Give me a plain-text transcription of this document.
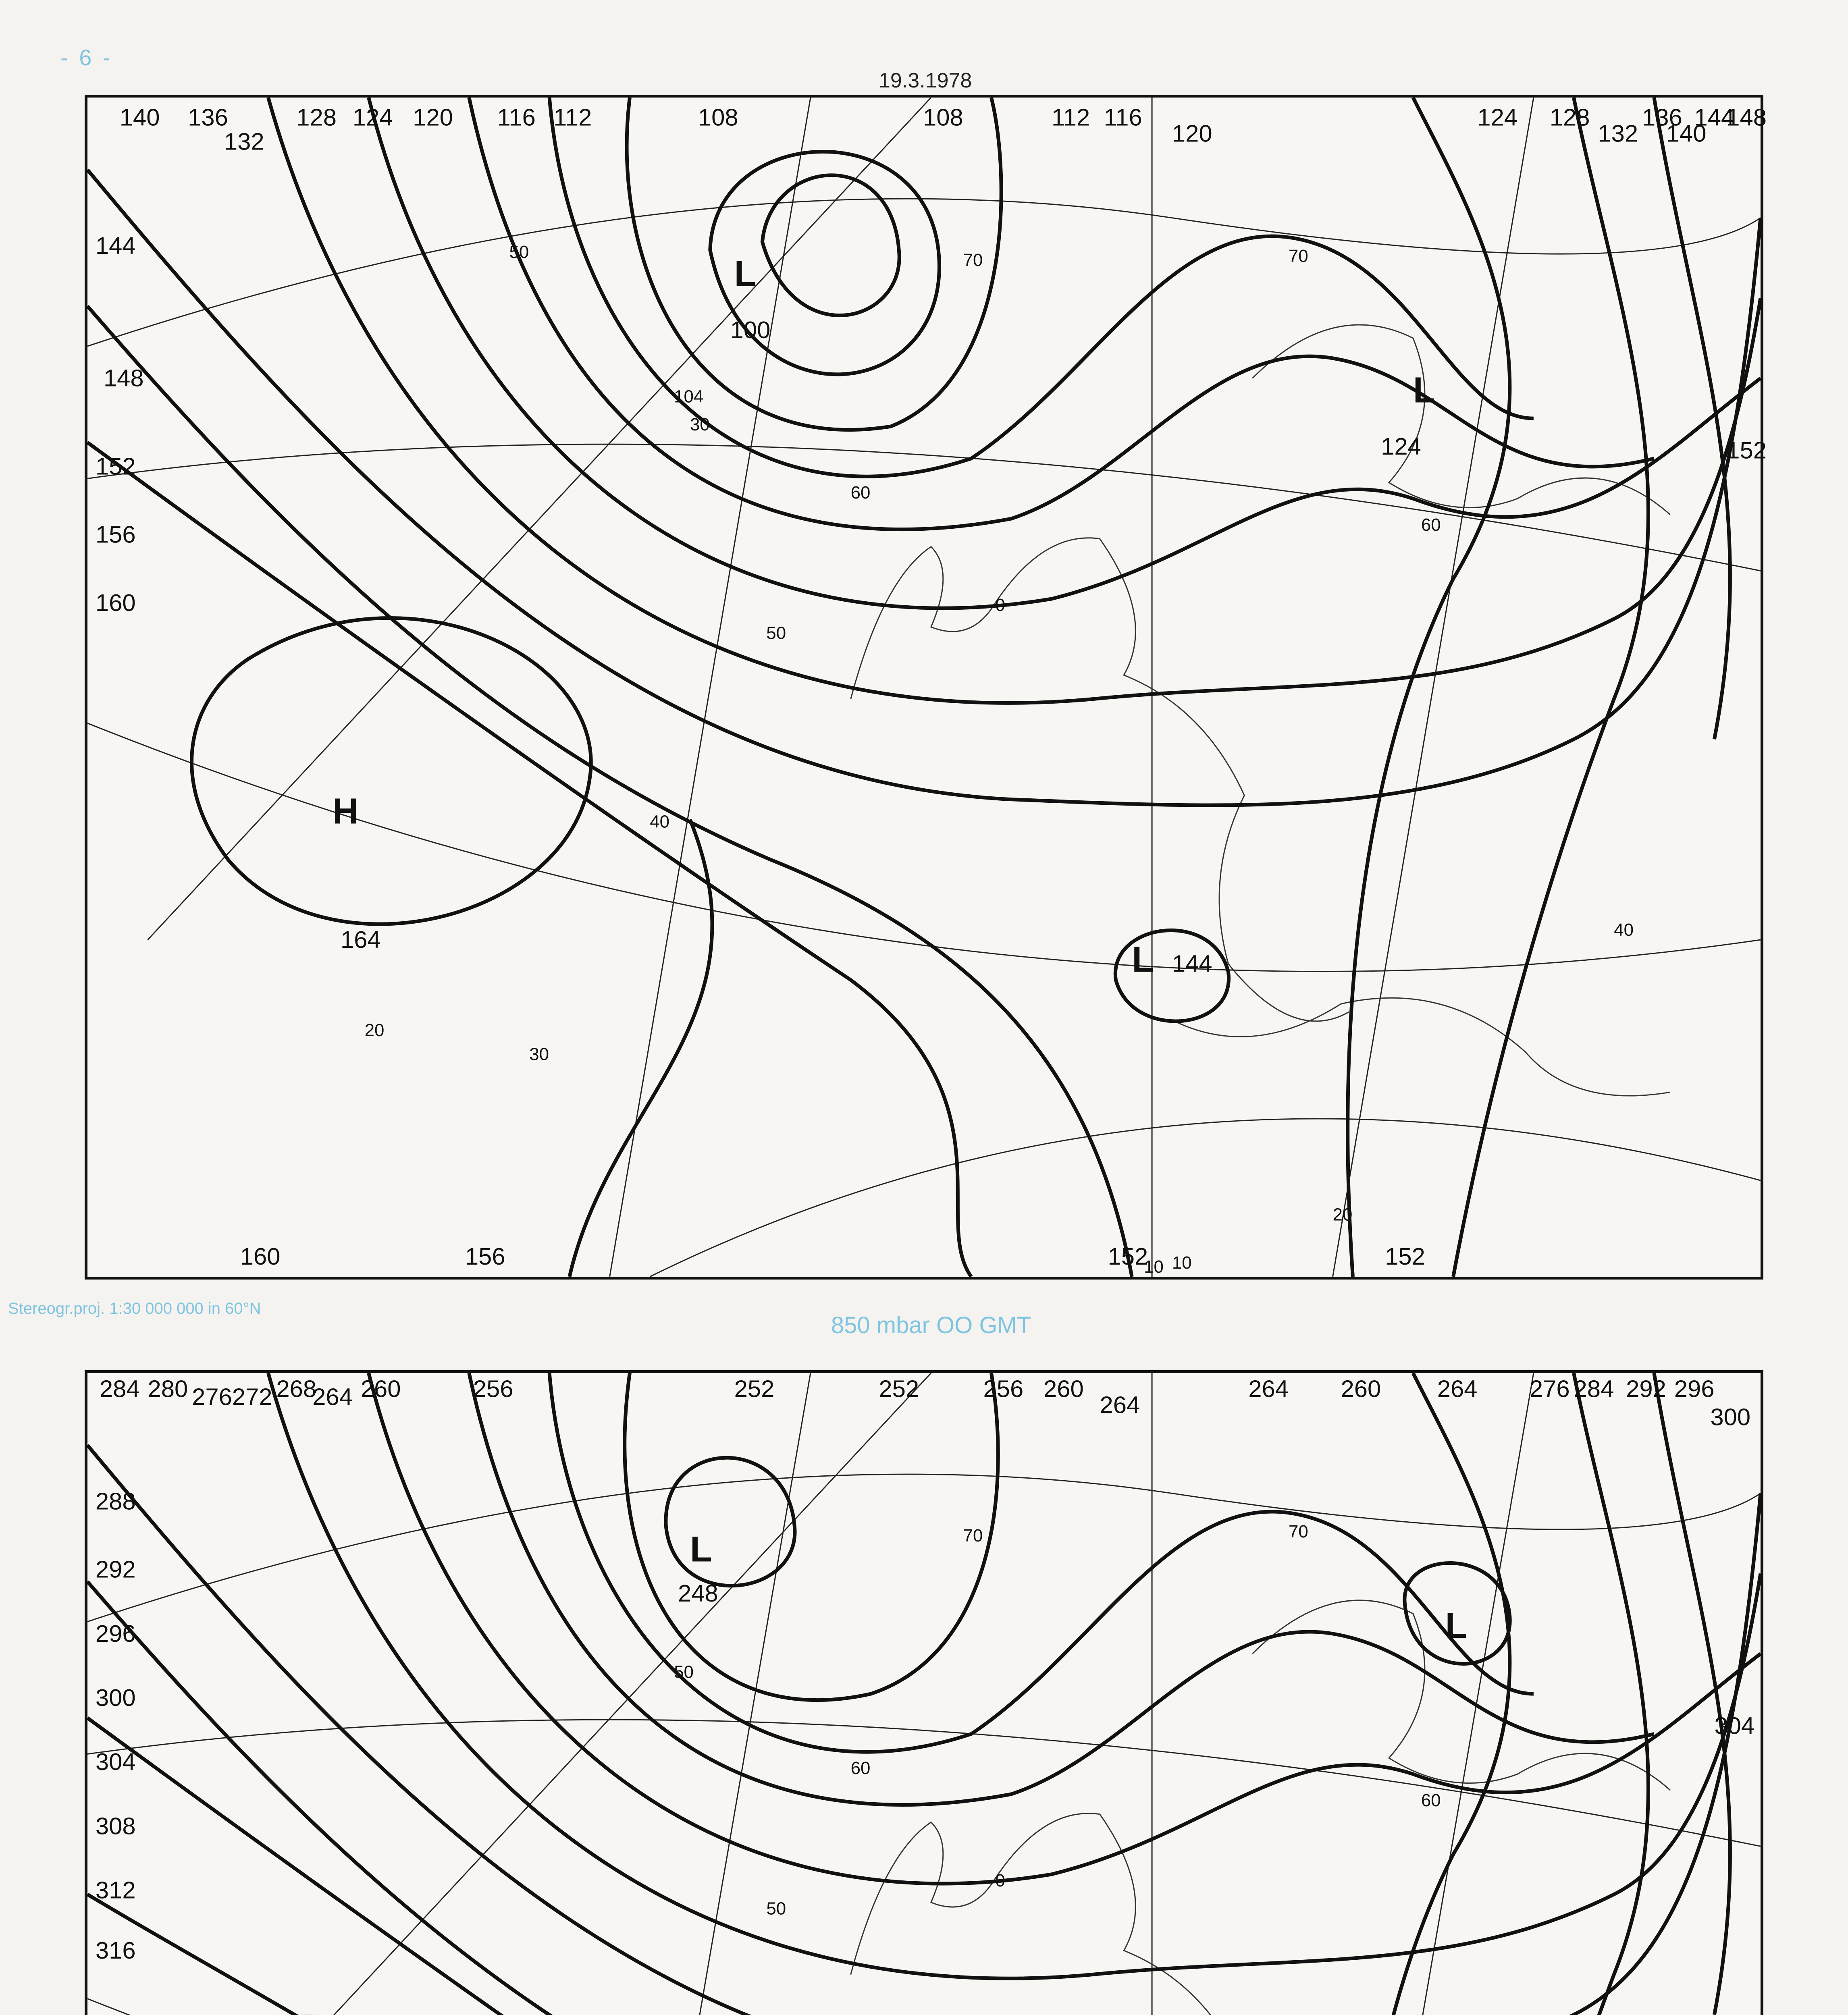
- 6 -
19.3.1978
140 136
132
128 124 120 116 112	108	108	112 116
120
124 128
132
136
140
144
148
144
148
152
156
160
160	156	152	152
152
L
100
H
164	L 144
L
124
104
30
50
60
70
40
20
10
70
60
50
40
30
20
0
10
Stereogr.proj. 1:30 000 000 in 60°N
850 mbar OO GMT
284 280 276 272 268
264 260	256	252	252	256 260
264
264 260 264 276 284 292 296
300
288
292
296
300
304
308
312
316
304
L
248
L
70
60
50
70
60
50
0
